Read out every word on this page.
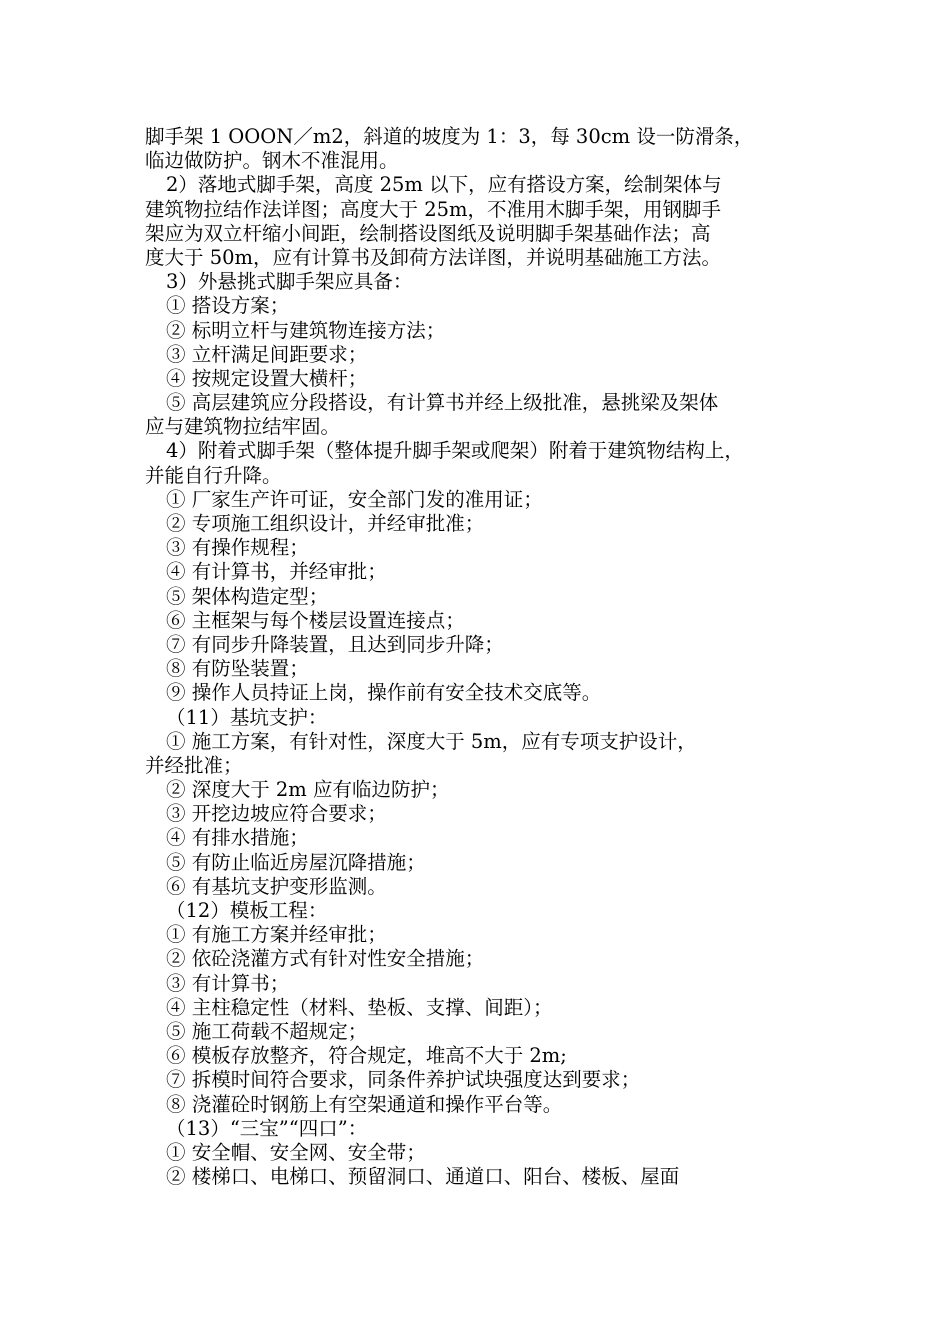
脚手架 1 OOON／m2，斜道的坡度为 1：3，每 30cm 设一防滑条，
临边做防护。钢木不准混用。
2）落地式脚手架，高度 25m 以下，应有搭设方案，绘制架体与
建筑物拉结作法详图；高度大于 25m，不准用木脚手架，用钢脚手
架应为双立杆缩小间距，绘制搭设图纸及说明脚手架基础作法；高
度大于 50m，应有计算书及卸荷方法详图，并说明基础施工方法。
3）外悬挑式脚手架应具备：
① 搭设方案；
② 标明立杆与建筑物连接方法；
③ 立杆满足间距要求；
④ 按规定设置大横杆；
⑤ 高层建筑应分段搭设，有计算书并经上级批准，悬挑梁及架体
应与建筑物拉结牢固。
4）附着式脚手架（整体提升脚手架或爬架）附着于建筑物结构上，
并能自行升降。
① 厂家生产许可证，安全部门发的准用证；
② 专项施工组织设计，并经审批准；
③ 有操作规程；
④ 有计算书，并经审批；
⑤ 架体构造定型；
⑥ 主框架与每个楼层设置连接点；
⑦ 有同步升降装置，且达到同步升降；
⑧ 有防坠装置；
⑨ 操作人员持证上岗，操作前有安全技术交底等。
（11）基坑支护：
① 施工方案，有针对性，深度大于 5m，应有专项支护设计，
并经批准；
② 深度大于 2m 应有临边防护；
③ 开挖边坡应符合要求；
④ 有排水措施；
⑤ 有防止临近房屋沉降措施；
⑥ 有基坑支护变形监测。
（12）模板工程：
① 有施工方案并经审批；
② 依砼浇灌方式有针对性安全措施；
③ 有计算书；
④ 主柱稳定性（材料、垫板、支撑、间距）；
⑤ 施工荷载不超规定；
⑥ 模板存放整齐，符合规定，堆高不大于 2m;
⑦ 拆模时间符合要求，同条件养护试块强度达到要求；
⑧ 浇灌砼时钢筋上有空架通道和操作平台等。
（13）“三宝”“四口”：
① 安全帽、安全网、安全带；
② 楼梯口、电梯口、预留洞口、通道口、阳台、楼板、屋面
